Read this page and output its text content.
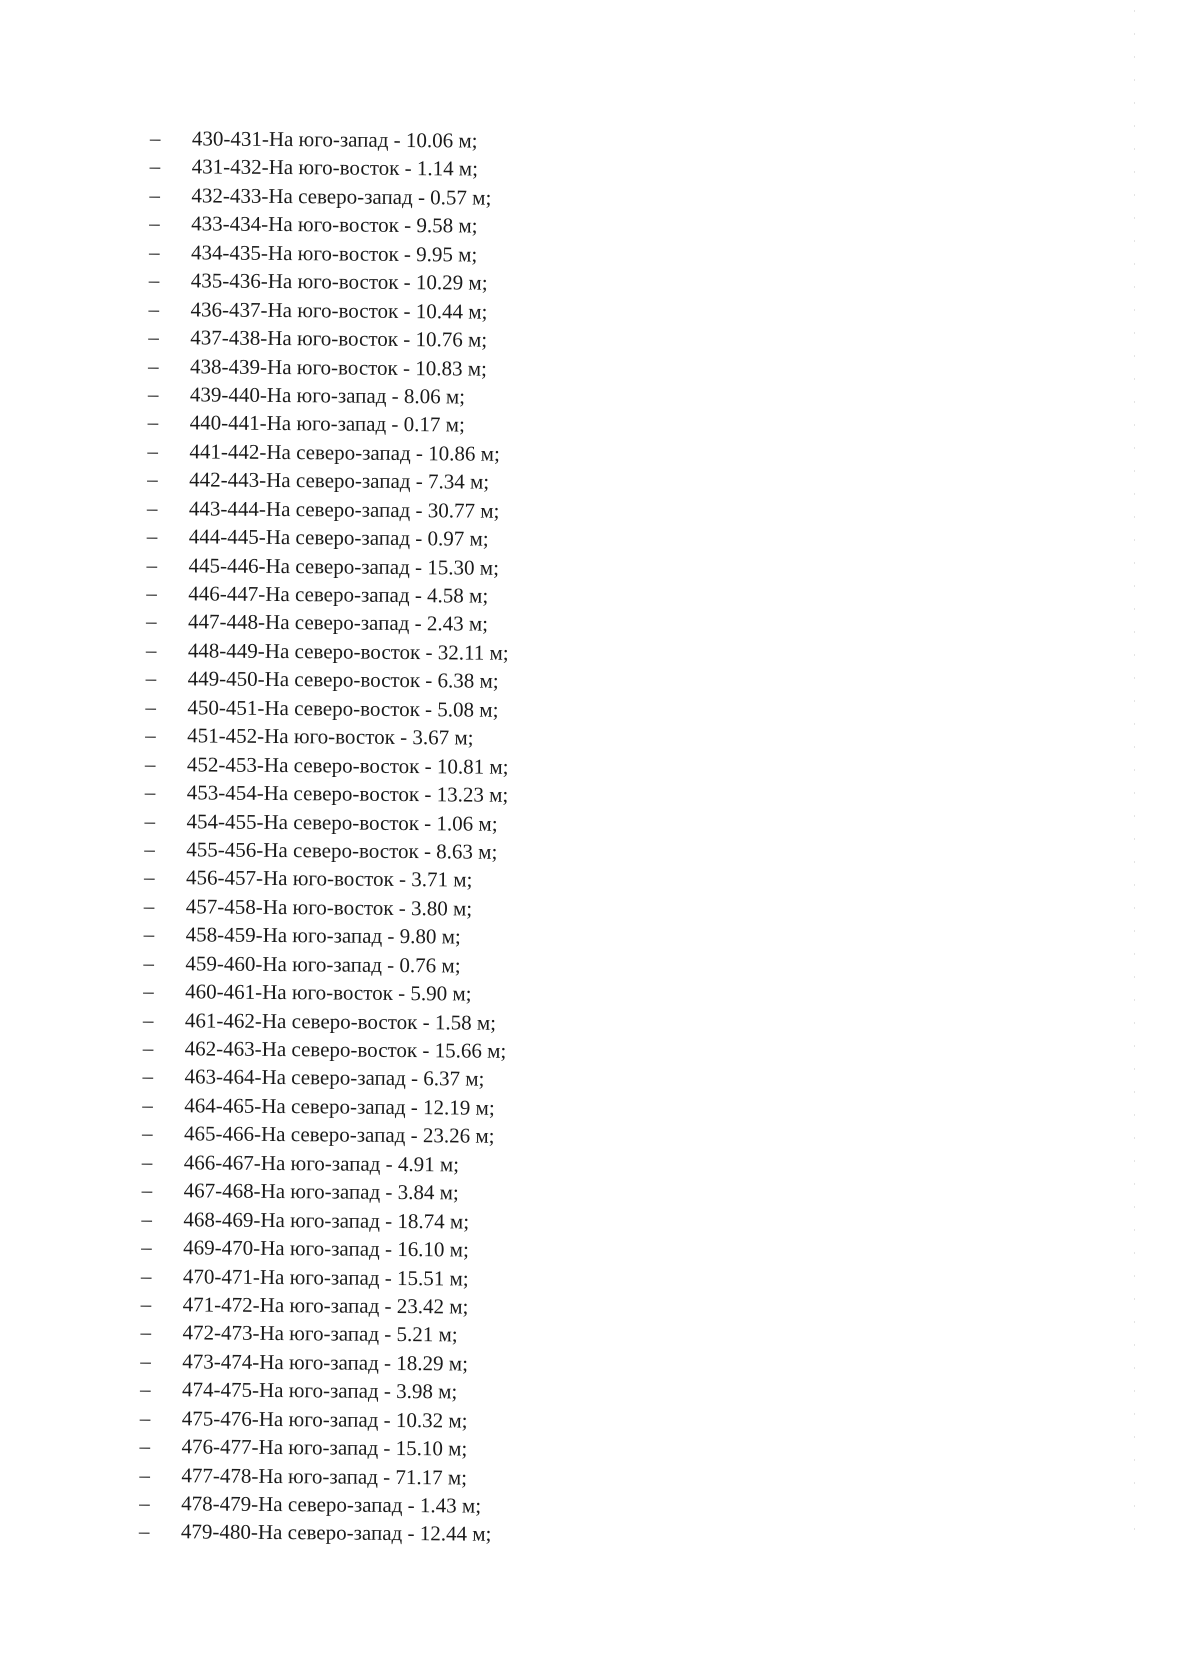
–	430-431-На юго-запад - 10.06 м;
–	431-432-На юго-восток - 1.14 м;
–	432-433-На северо-запад - 0.57 м;
–	433-434-На юго-восток - 9.58 м;
–	434-435-На юго-восток - 9.95 м;
–	435-436-На юго-восток - 10.29 м;
–	436-437-На юго-восток - 10.44 м;
–	437-438-На юго-восток - 10.76 м;
–	438-439-На юго-восток - 10.83 м;
–	439-440-На юго-запад - 8.06 м;
–	440-441-На юго-запад - 0.17 м;
–	441-442-На северо-запад - 10.86 м;
–	442-443-На северо-запад - 7.34 м;
–	443-444-На северо-запад - 30.77 м;
–	444-445-На северо-запад - 0.97 м;
–	445-446-На северо-запад - 15.30 м;
–	446-447-На северо-запад - 4.58 м;
–	447-448-На северо-запад - 2.43 м;
–	448-449-На северо-восток - 32.11 м;
–	449-450-На северо-восток - 6.38 м;
–	450-451-На северо-восток - 5.08 м;
–	451-452-На юго-восток - 3.67 м;
–	452-453-На северо-восток - 10.81 м;
–	453-454-На северо-восток - 13.23 м;
–	454-455-На северо-восток - 1.06 м;
–	455-456-На северо-восток - 8.63 м;
–	456-457-На юго-восток - 3.71 м;
–	457-458-На юго-восток - 3.80 м;
–	458-459-На юго-запад - 9.80 м;
–	459-460-На юго-запад - 0.76 м;
–	460-461-На юго-восток - 5.90 м;
–	461-462-На северо-восток - 1.58 м;
–	462-463-На северо-восток - 15.66 м;
–	463-464-На северо-запад - 6.37 м;
–	464-465-На северо-запад - 12.19 м;
–	465-466-На северо-запад - 23.26 м;
–	466-467-На юго-запад - 4.91 м;
–	467-468-На юго-запад - 3.84 м;
–	468-469-На юго-запад - 18.74 м;
–	469-470-На юго-запад - 16.10 м;
–	470-471-На юго-запад - 15.51 м;
–	471-472-На юго-запад - 23.42 м;
–	472-473-На юго-запад - 5.21 м;
–	473-474-На юго-запад - 18.29 м;
–	474-475-На юго-запад - 3.98 м;
–	475-476-На юго-запад - 10.32 м;
–	476-477-На юго-запад - 15.10 м;
–	477-478-На юго-запад - 71.17 м;
–	478-479-На северо-запад - 1.43 м;
–	479-480-На северо-запад - 12.44 м;
